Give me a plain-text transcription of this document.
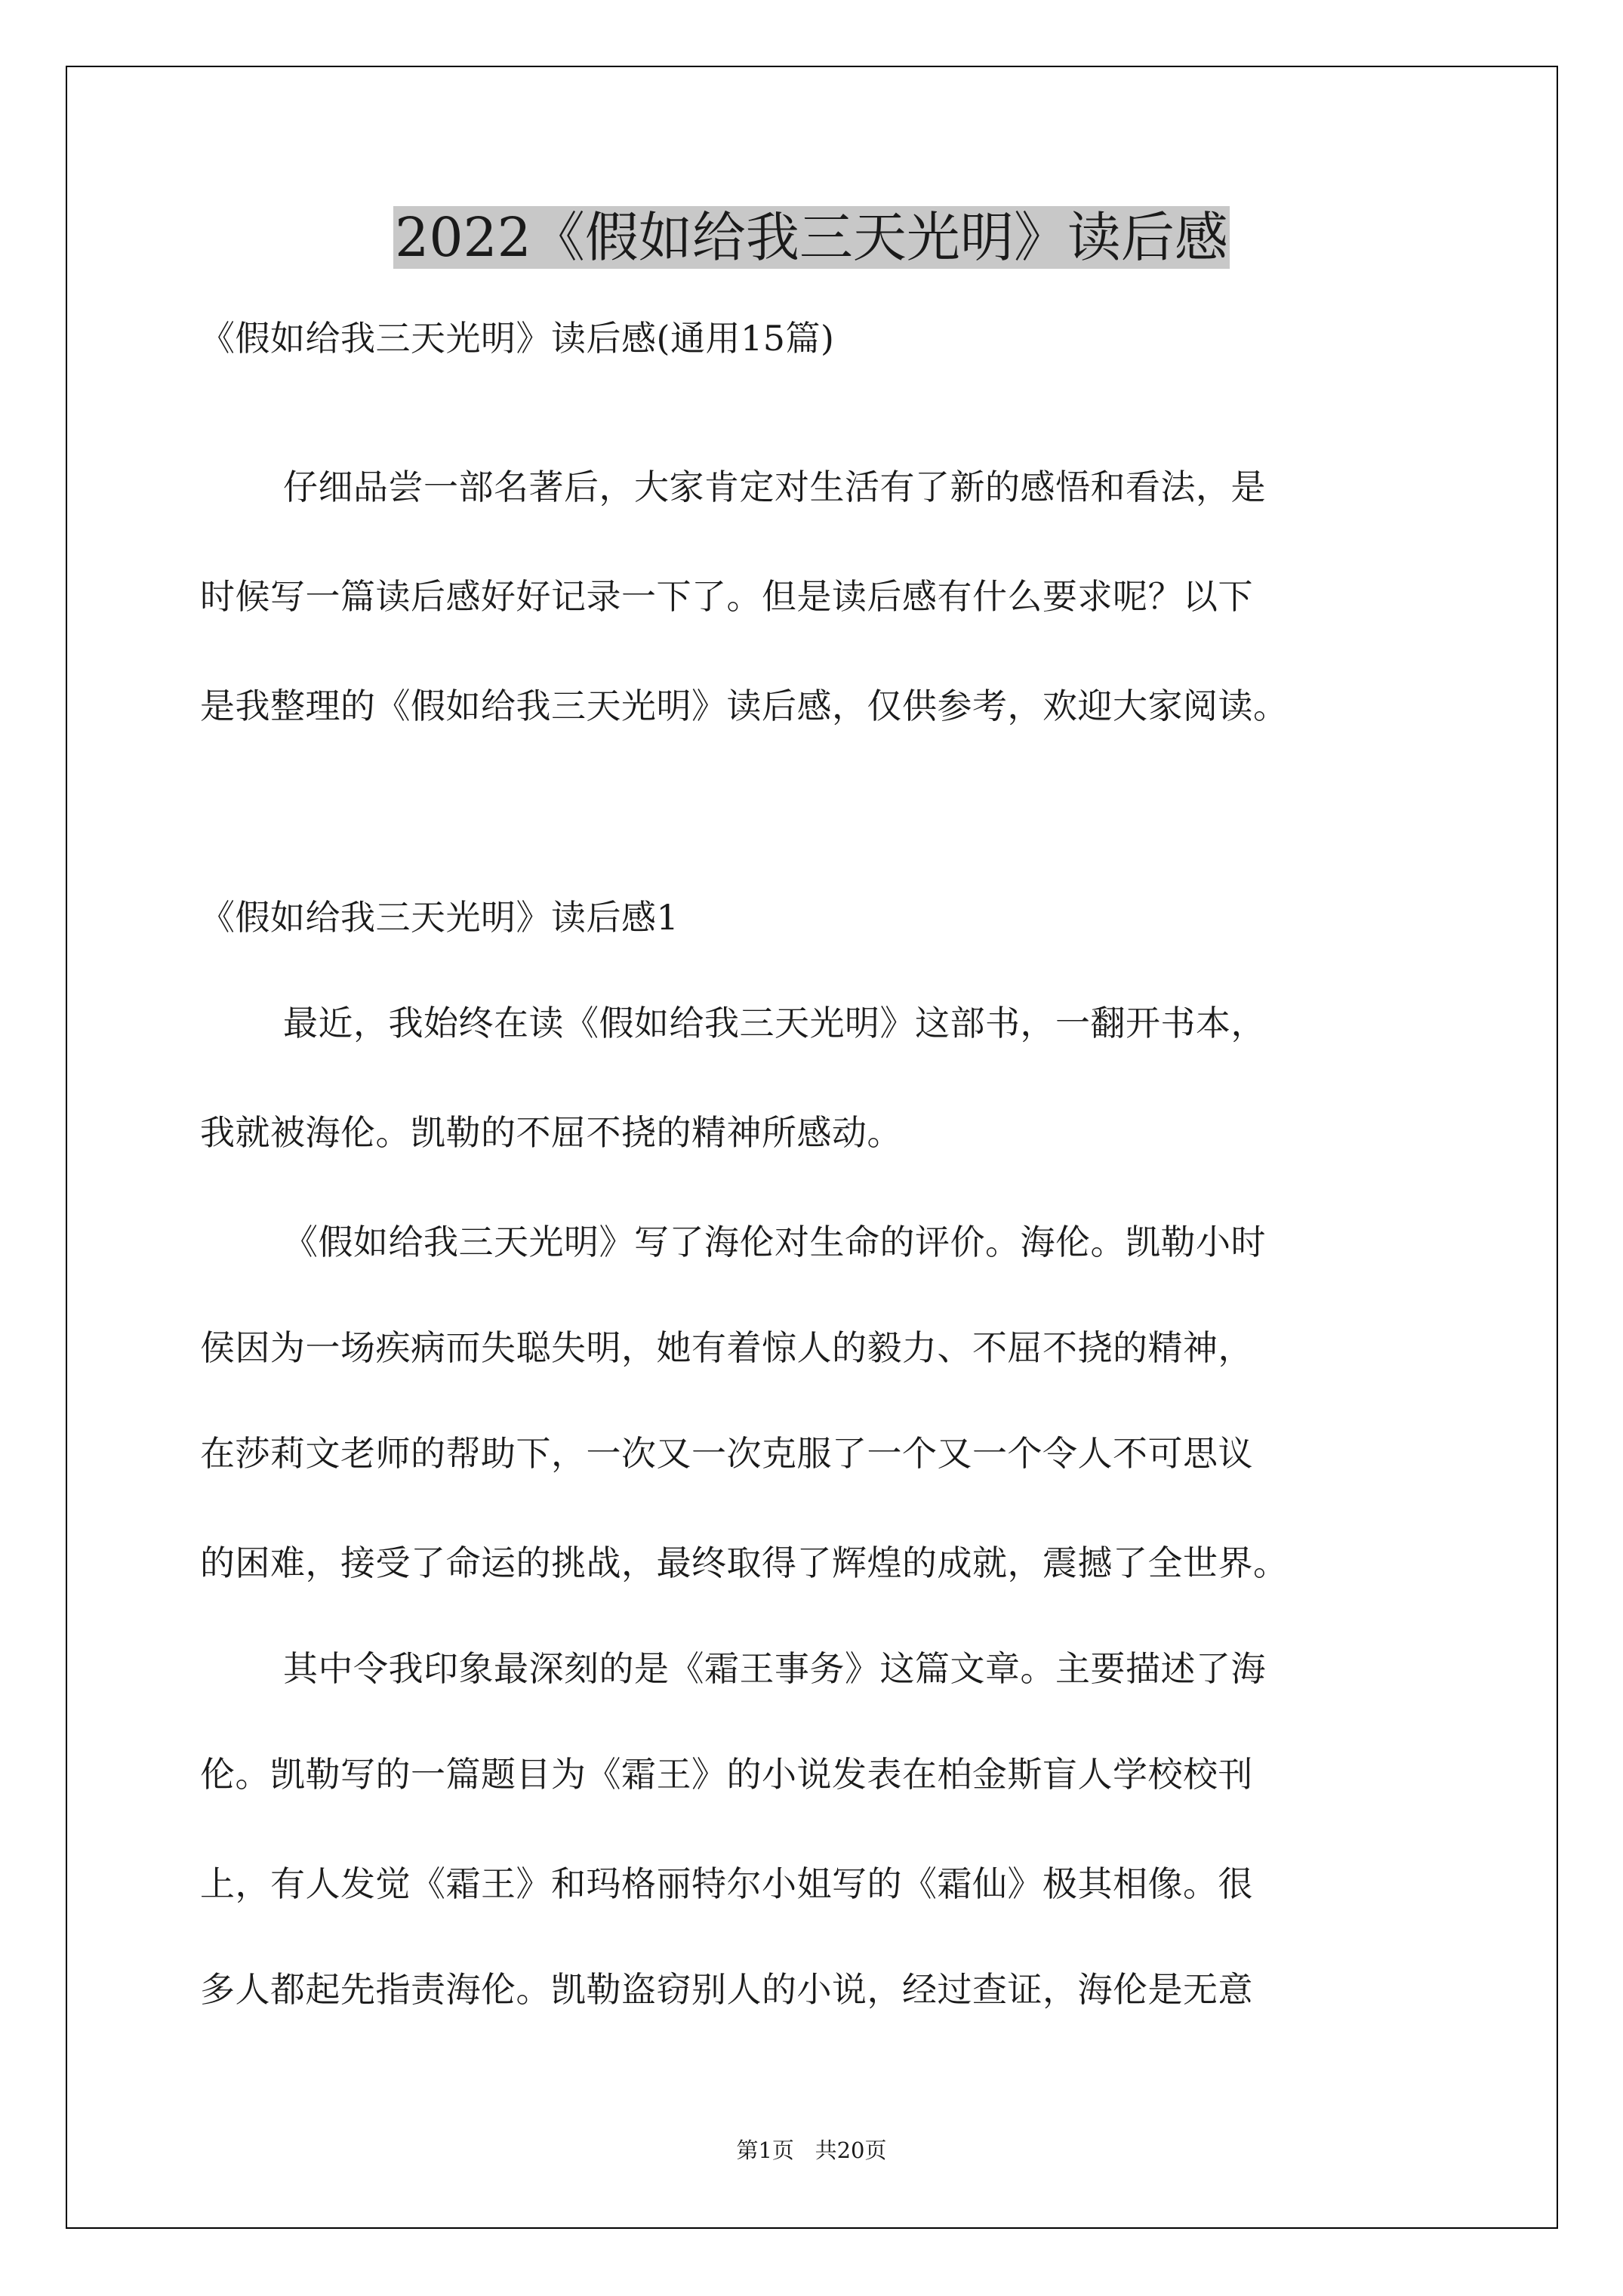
2022《假如给我三天光明》读后感
《假如给我三天光明》读后感(通用15篇)
仔细品尝一部名著后，大家肯定对生活有了新的感悟和看法，是
时候写一篇读后感好好记录一下了。但是读后感有什么要求呢？以下
是我整理的《假如给我三天光明》读后感，仅供参考，欢迎大家阅读。
《假如给我三天光明》读后感1
最近，我始终在读《假如给我三天光明》这部书，一翻开书本，
我就被海伦。凯勒的不屈不挠的精神所感动。
《假如给我三天光明》写了海伦对生命的评价。海伦。凯勒小时
侯因为一场疾病而失聪失明，她有着惊人的毅力、不屈不挠的精神，
在莎莉文老师的帮助下，一次又一次克服了一个又一个令人不可思议
的困难，接受了命运的挑战，最终取得了辉煌的成就，震撼了全世界。
其中令我印象最深刻的是《霜王事务》这篇文章。主要描述了海
伦。凯勒写的一篇题目为《霜王》的小说发表在柏金斯盲人学校校刊
上，有人发觉《霜王》和玛格丽特尔小姐写的《霜仙》极其相像。很
多人都起先指责海伦。凯勒盗窃别人的小说，经过查证，海伦是无意
第1页   共20页
